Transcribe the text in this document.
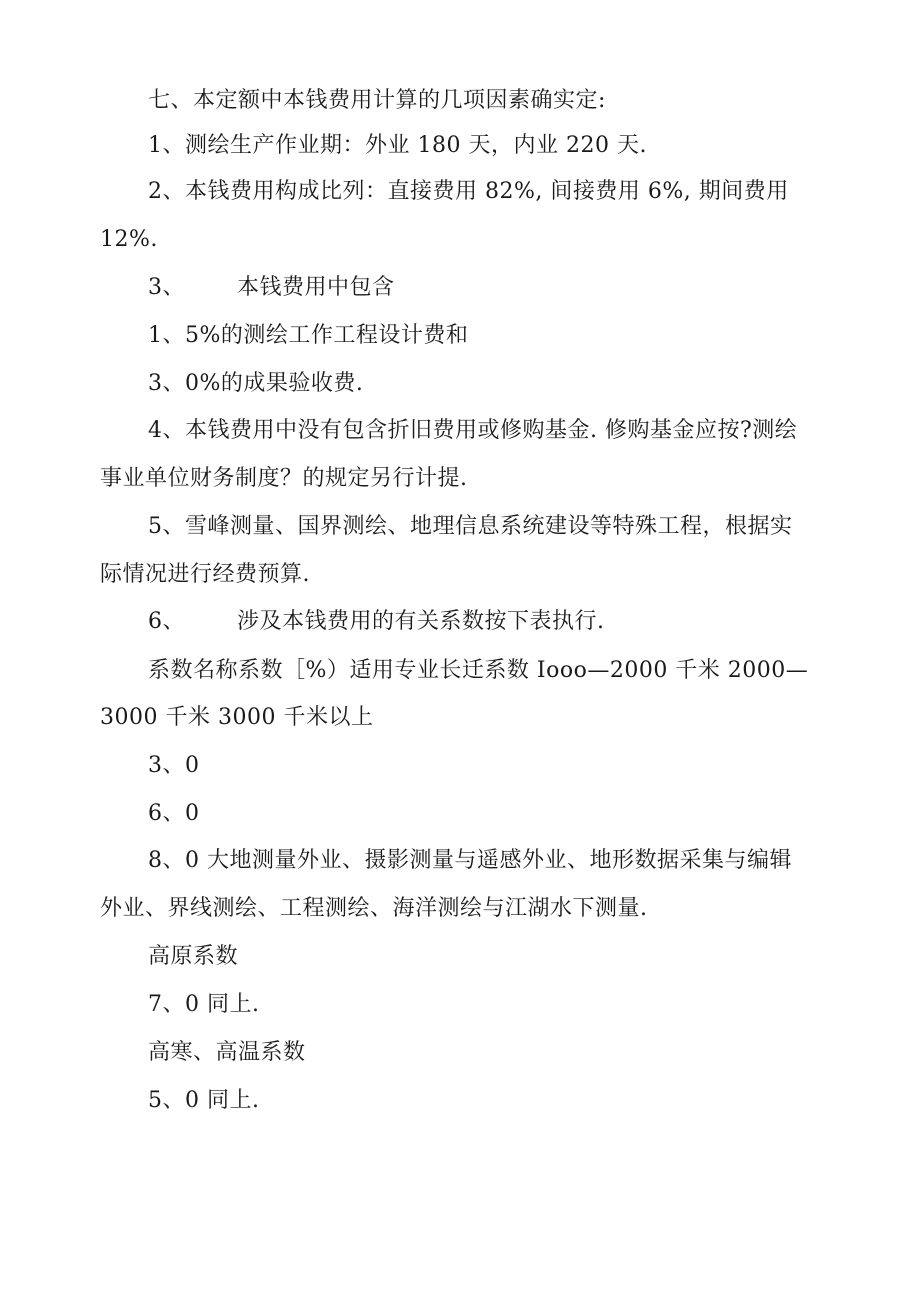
七、本定额中本钱费用计算的几项因素确实定:
1、测绘生产作业期：外业 180 天，内业 220 天.
2、本钱费用构成比列：直接费用 82%, 间接费用 6%, 期间费用
12%.
3、 本钱费用中包含
1、5%的测绘工作工程设计费和
3、0%的成果验收费.
4、本钱费用中没有包含折旧费用或修购基金. 修购基金应按?测绘
事业单位财务制度？的规定另行计提.
5、雪峰测量、国界测绘、地理信息系统建设等特殊工程，根据实
际情况进行经费预算.
6、 涉及本钱费用的有关系数按下表执行.
系数名称系数［%）适用专业长迁系数 Iooo—2000 千米 2000—
3000 千米 3000 千米以上
3、0
6、0
8、0 大地测量外业、摄影测量与遥感外业、地形数据采集与编辑
外业、界线测绘、工程测绘、海洋测绘与江湖水下测量.
高原系数
7、0 同上.
高寒、高温系数
5、0 同上.
